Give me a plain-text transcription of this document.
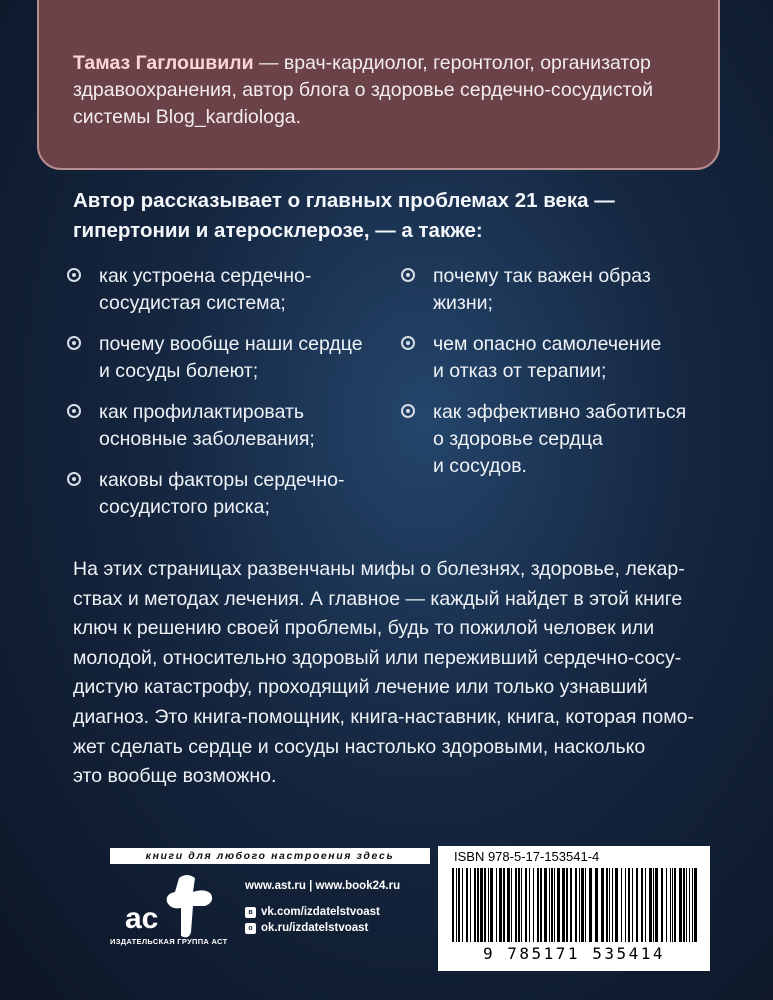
Тамаз Гаглошвили — врач-кардиолог, геронтолог, организатор здравоохранения, автор блога о здоровье сердечно-сосудистой системы Blog_kardiologa.

Автор рассказывает о главных проблемах 21 века — гипертонии и атеросклерозе, — а также:

как устроена сердечно-
сосудистая система;
почему вообще наши сердце
и сосуды болеют;
как профилактировать
основные заболевания;
каковы факторы сердечно-
сосудистого риска;
почему так важен образ
жизни;
чем опасно самолечение
и отказ от терапии;
как эффективно заботиться
о здоровье сердца
и сосудов.

На этих страницах развенчаны мифы о болезнях, здоровье, лекар-
ствах и методах лечения. А главное — каждый найдет в этой книге
ключ к решению своей проблемы, будь то пожилой человек или
молодой, относительно здоровый или переживший сердечно-сосу-
дистую катастрофу, проходящий лечение или только узнавший
диагноз. Это книга-помощник, книга-наставник, книга, которая помо-
жет сделать сердце и сосуды настолько здоровыми, насколько
это вообще возможно.

книги для любого настроения здесь
ac
ИЗДАТЕЛЬСКАЯ ГРУППА АСТ
www.ast.ru | www.book24.ru
в vk.com/izdatelstvoast
о ok.ru/izdatelstvoast
ISBN 978-5-17-153541-4
9 785171 535414
